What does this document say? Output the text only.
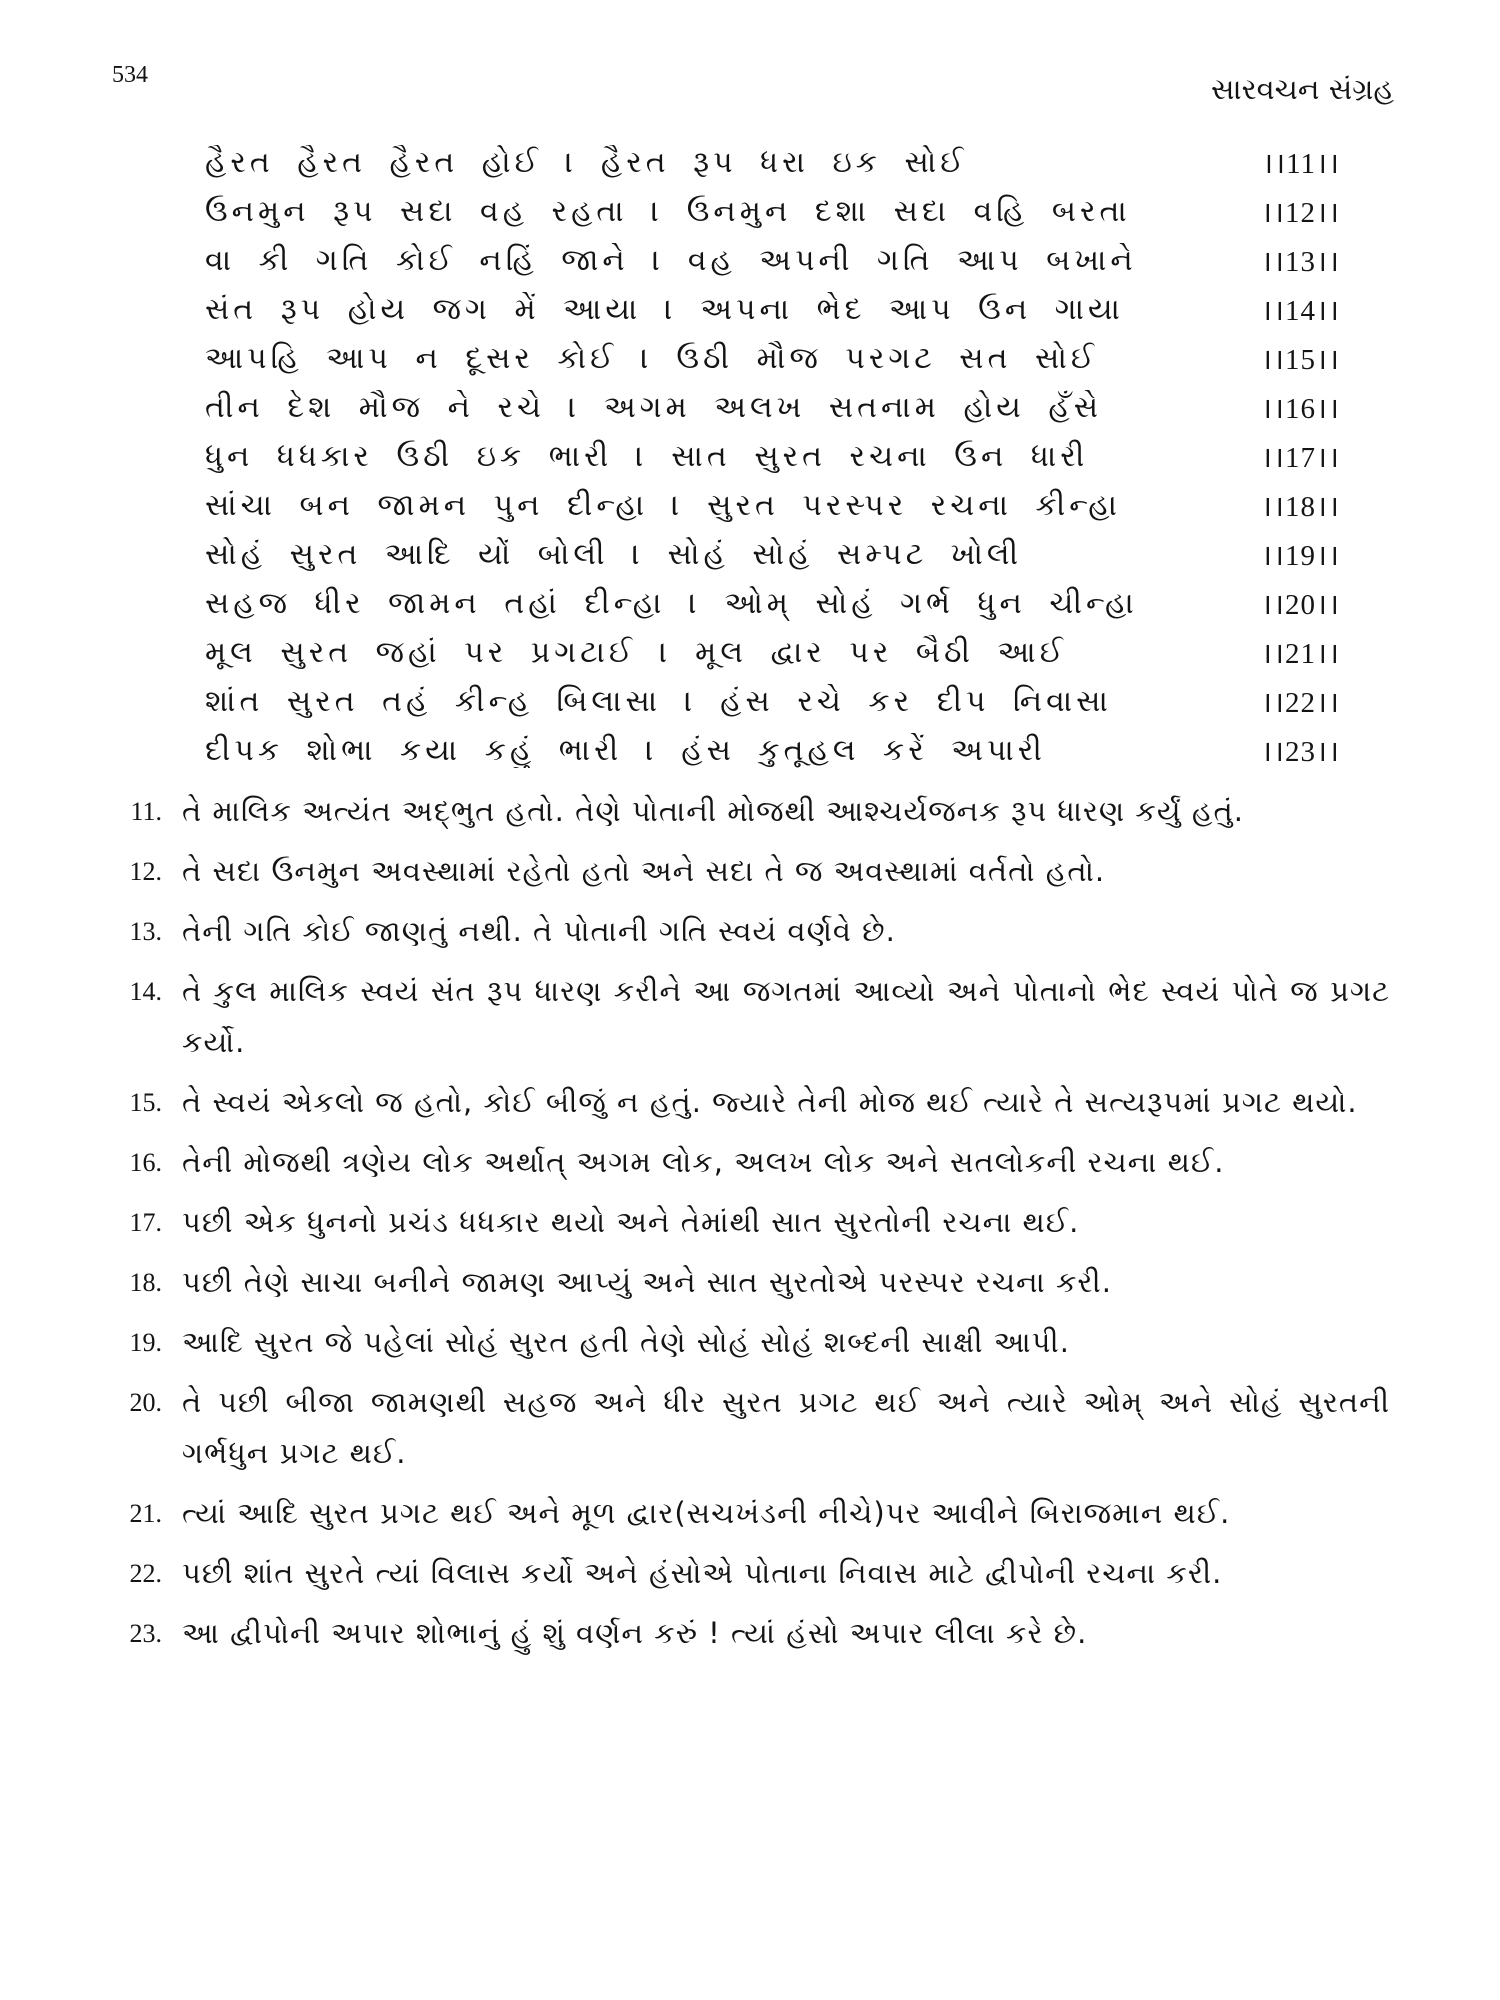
534	સારવચન સંગ્રહ
હૈરત હૈરત હૈરત હોઈ । હૈરત રૂપ ધરા ઇક સોઈ	।।11।।
ઉનમુન રૂપ સદા વહ રહતા । ઉનમુન દશા સદા વહિ બરતા	।।12।।
વા કી ગતિ કોઈ નહિં જાને । વહ અપની ગતિ આપ બખાને	।।13।।
સંત રૂપ હોય જગ મેં આયા । અપના ભેદ આપ ઉન ગાયા	।।14।।
આપહિ આપ ન દૂસર કોઈ । ઉઠી મૌજ પરગટ સત સોઈ	।।15।।
તીન દેશ મૌજ ને રચે । અગમ અલખ સતનામ હોય હઁસે	।।16।।
ધુન ધધકાર ઉઠી ઇક ભારી । સાત સુરત રચના ઉન ધારી	।।17।।
સાંચા બન જામન પુન દીન્હા । સુરત પરસ્પર રચના કીન્હા	।।18।।
સોહં સુરત આદિ યોં બોલી । સોહં સોહં સમ્પટ ખોલી	।।19।।
સહજ ધીર જામન તહાં દીન્હા । ઓમ્ સોહં ગર્ભ ધુન ચીન્હા	।।20।।
મૂલ સુરત જહાં પર પ્રગટાઈ । મૂલ દ્વાર પર બૈઠી આઈ	।।21।।
શાંત સુરત તહં કીન્હ બિલાસા । હંસ રચે કર દીપ નિવાસા	।।22।।
દીપક શોભા કયા કહું ભારી । હંસ કુતૂહલ કરેં અપારી	।।23।।
11. તે માલિક અત્યંત અદ્ભુત હતો. તેણે પોતાની મોજથી આશ્ચર્યજનક રૂપ ધારણ કર્યું હતું.
12. તે સદા ઉનમુન અવસ્થામાં રહેતો હતો અને સદા તે જ અવસ્થામાં વર્તતો હતો.
13. તેની ગતિ કોઈ જાણતું નથી. તે પોતાની ગતિ સ્વયં વર્ણવે છે.
14. તે કુલ માલિક સ્વયં સંત રૂપ ધારણ કરીને આ જગતમાં આવ્યો અને પોતાનો ભેદ સ્વયં પોતે જ પ્રગટ કર્યો.
15. તે સ્વયં એકલો જ હતો, કોઈ બીજું ન હતું. જ્યારે તેની મોજ થઈ ત્યારે તે સત્યરૂપમાં પ્રગટ થયો.
16. તેની મોજથી ત્રણેય લોક અર્થાત્ અગમ લોક, અલખ લોક અને સતલોકની રચના થઈ.
17. પછી એક ધુનનો પ્રચંડ ધધકાર થયો અને તેમાંથી સાત સુરતોની રચના થઈ.
18. પછી તેણે સાચા બનીને જામણ આપ્યું અને સાત સુરતોએ પરસ્પર રચના કરી.
19. આદિ સુરત જે પહેલાં સોહં સુરત હતી તેણે સોહં સોહં શબ્દની સાક્ષી આપી.
20. તે પછી બીજા જામણથી સહજ અને ધીર સુરત પ્રગટ થઈ અને ત્યારે ઓમ્ અને સોહં સુરતની ગર્ભધુન પ્રગટ થઈ.
21. ત્યાં આદિ સુરત પ્રગટ થઈ અને મૂળ દ્વાર(સચખંડની નીચે)પર આવીને બિરાજમાન થઈ.
22. પછી શાંત સુરતે ત્યાં વિલાસ કર્યો અને હંસોએ પોતાના નિવાસ માટે દ્વીપોની રચના કરી.
23. આ દ્વીપોની અપાર શોભાનું હું શું વર્ણન કરું ! ત્યાં હંસો અપાર લીલા કરે છે.
